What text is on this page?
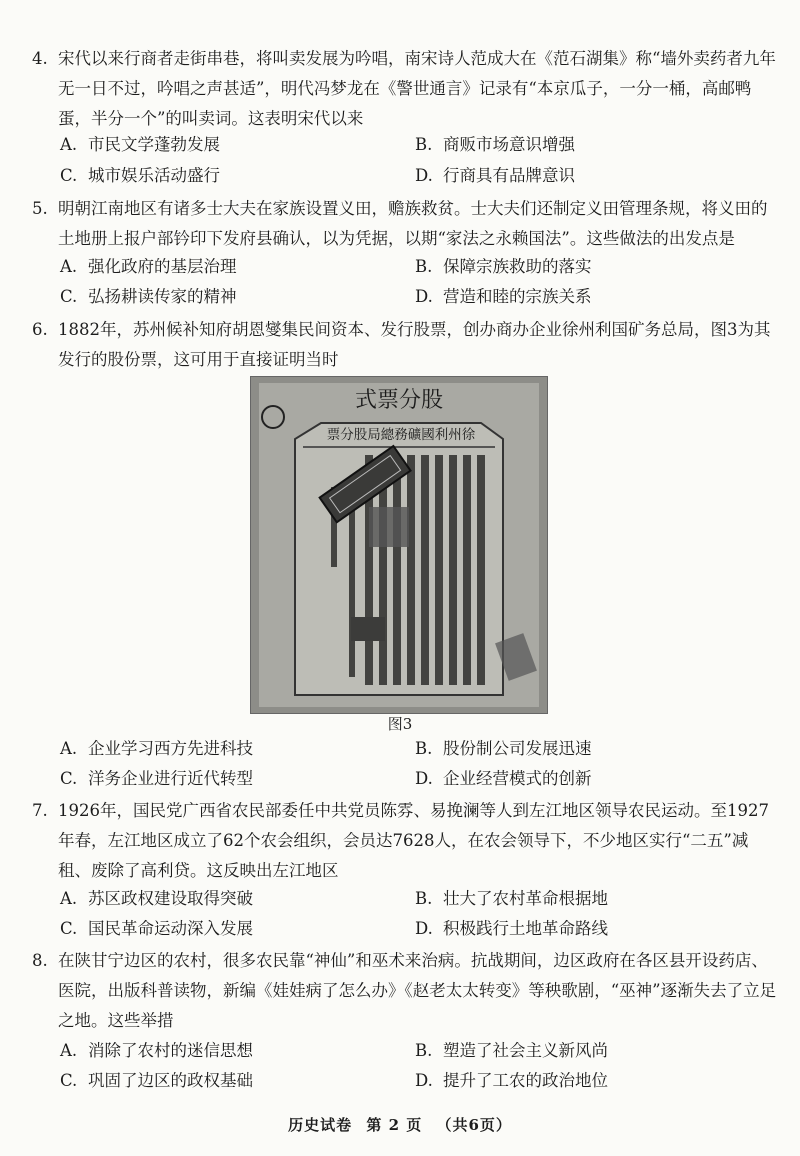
4. 宋代以来行商者走街串巷，将叫卖发展为吟唱，南宋诗人范成大在《范石湖集》称“墙外卖药者九年无一日不过，吟唱之声甚适”，明代冯梦龙在《警世通言》记录有“本京瓜子，一分一桶，高邮鸭蛋，半分一个”的叫卖词。这表明宋代以来
A. 市民文学蓬勃发展	B. 商贩市场意识增强
C. 城市娱乐活动盛行	D. 行商具有品牌意识
5. 明朝江南地区有诸多士大夫在家族设置义田，赡族救贫。士大夫们还制定义田管理条规，将义田的土地册上报户部钤印下发府县确认，以为凭据，以期“家法之永赖国法”。这些做法的出发点是
A. 强化政府的基层治理	B. 保障宗族救助的落实
C. 弘扬耕读传家的精神	D. 营造和睦的宗族关系
6. 1882年，苏州候补知府胡恩燮集民间资本、发行股票，创办商办企业徐州利国矿务总局，图3为其发行的股份票，这可用于直接证明当时
式票分股
票分股局總務礦國利州徐
图3
A. 企业学习西方先进科技	B. 股份制公司发展迅速
C. 洋务企业进行近代转型	D. 企业经营模式的创新
7. 1926年，国民党广西省农民部委任中共党员陈雰、易挽澜等人到左江地区领导农民运动。至1927年春，左江地区成立了62个农会组织，会员达7628人，在农会领导下，不少地区实行“二五”减租、废除了高利贷。这反映出左江地区
A. 苏区政权建设取得突破	B. 壮大了农村革命根据地
C. 国民革命运动深入发展	D. 积极践行土地革命路线
8. 在陕甘宁边区的农村，很多农民靠“神仙”和巫术来治病。抗战期间，边区政府在各区县开设药店、医院，出版科普读物，新编《娃娃病了怎么办》《赵老太太转变》等秧歌剧，“巫神”逐渐失去了立足之地。这些举措
A. 消除了农村的迷信思想	B. 塑造了社会主义新风尚
C. 巩固了边区的政权基础	D. 提升了工农的政治地位
历史试卷 第 2 页 （共6页）
